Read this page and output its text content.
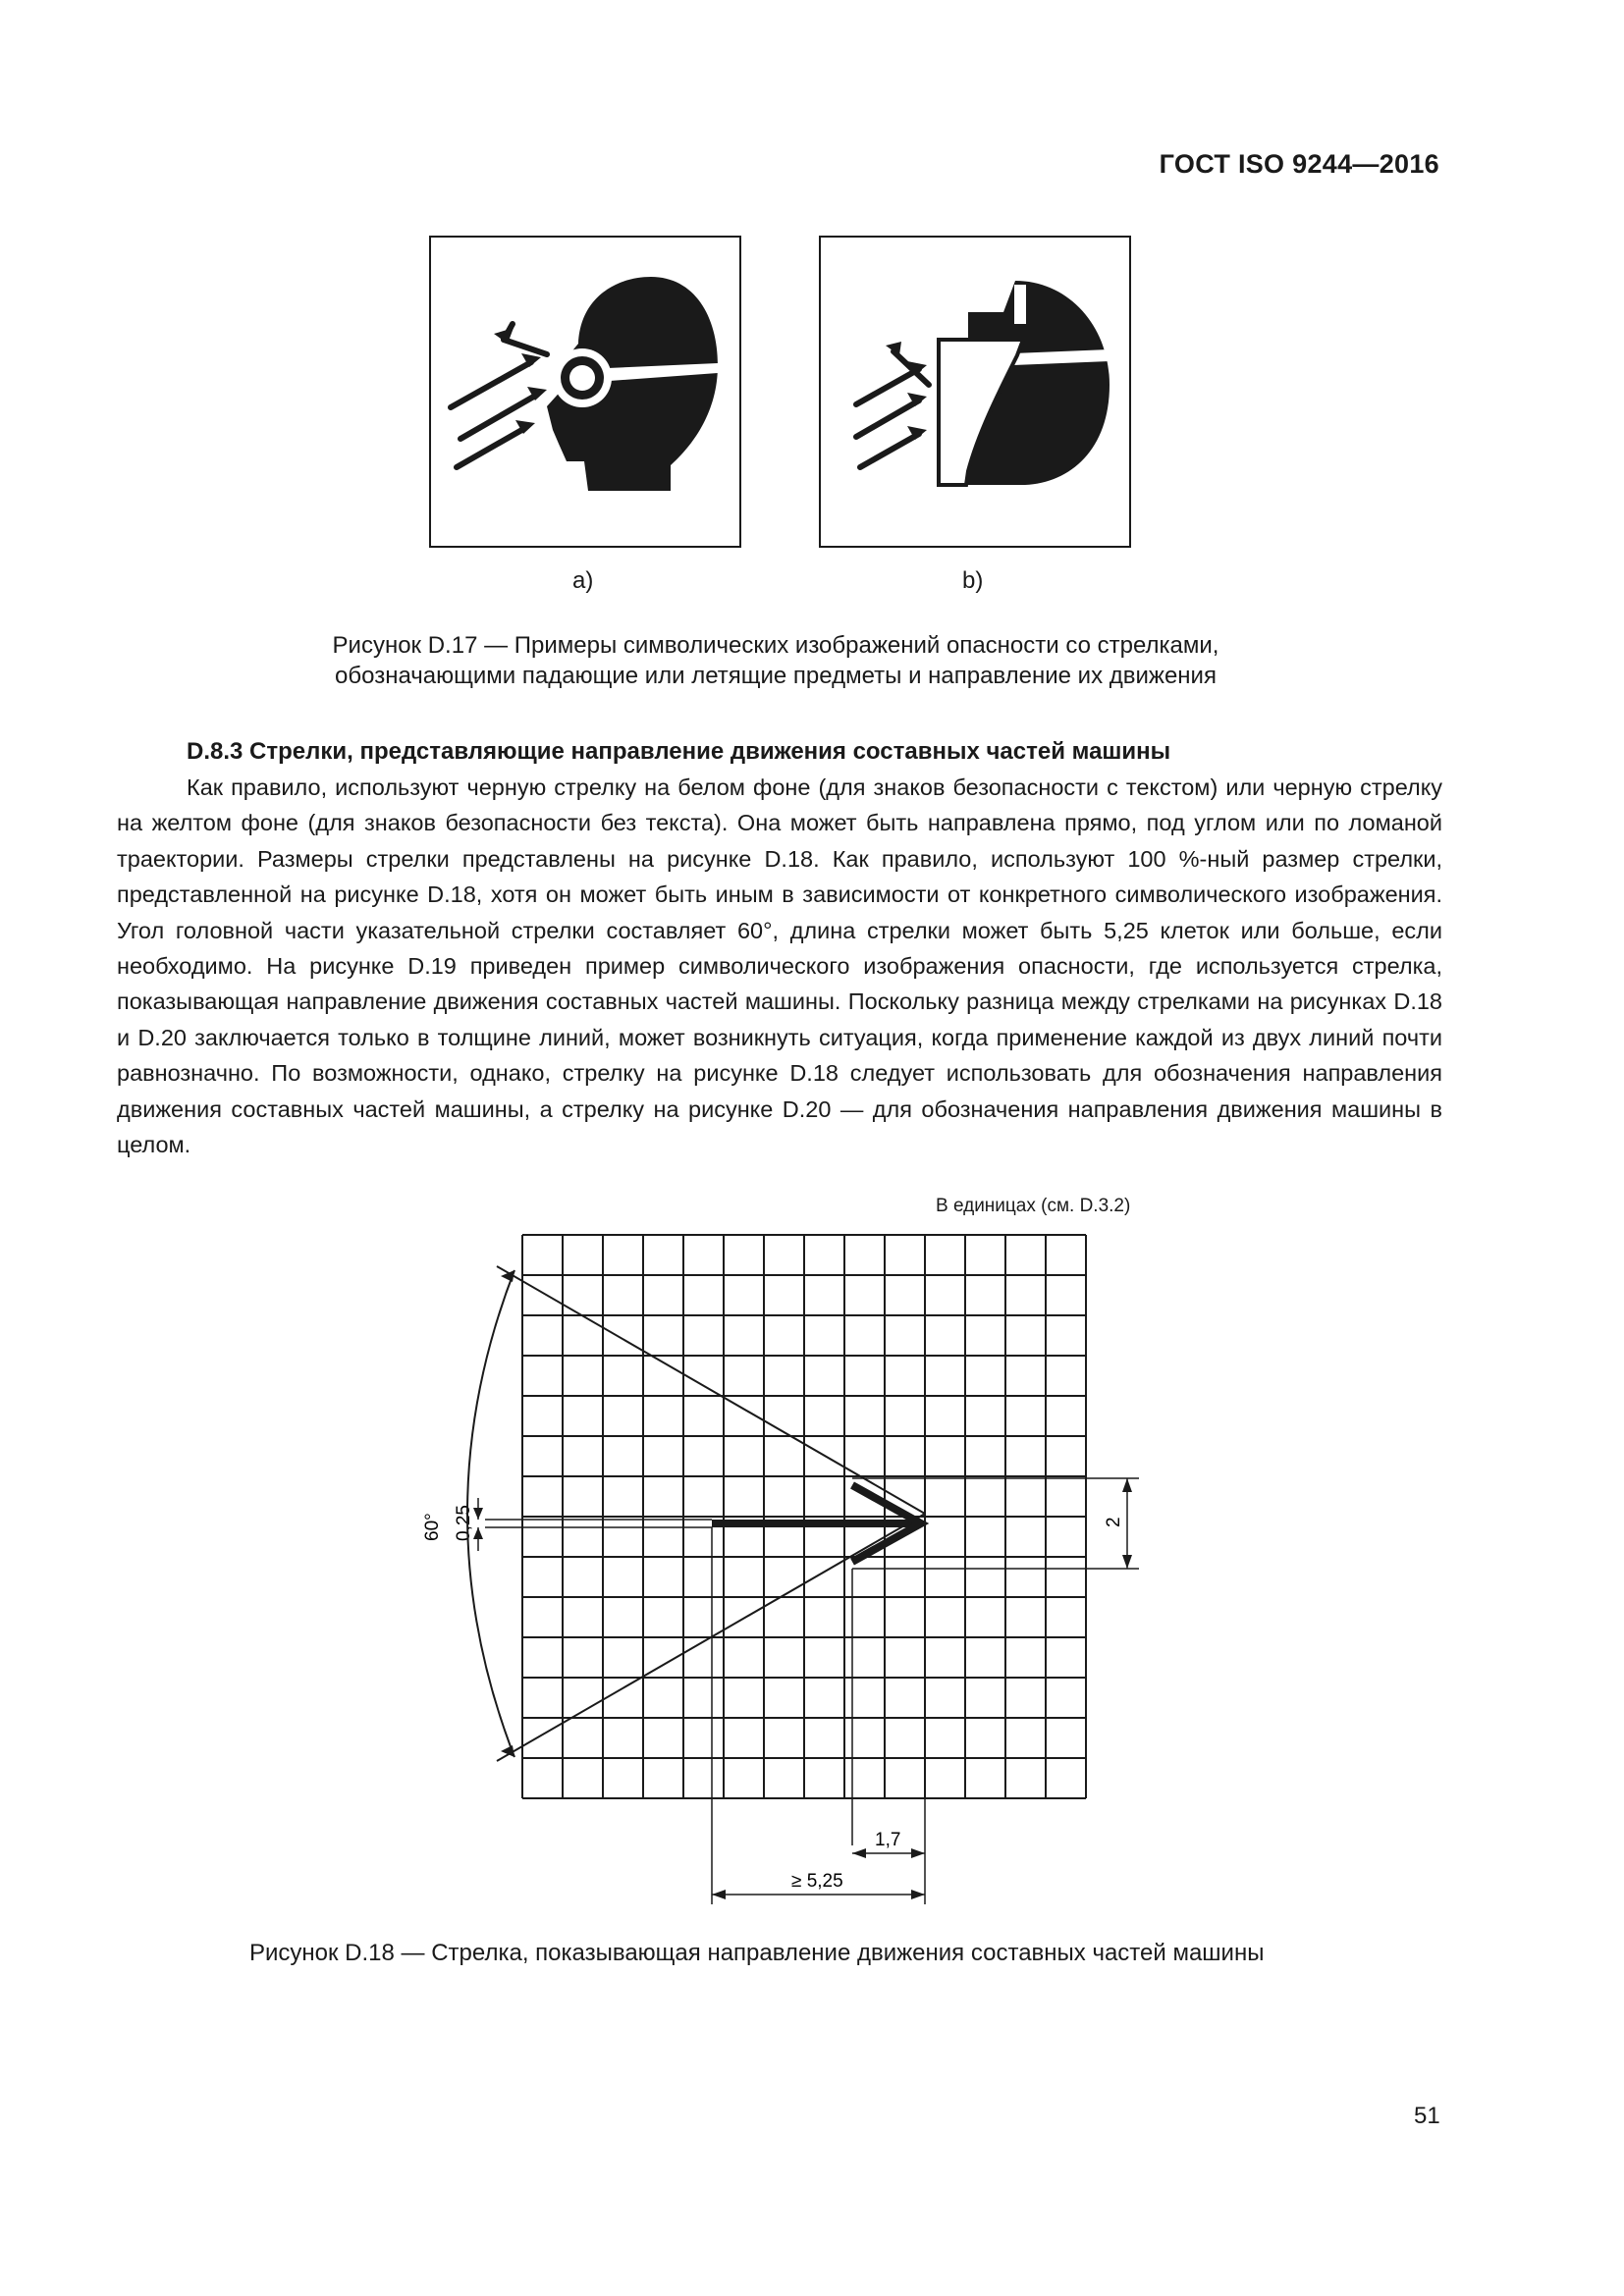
ГОСТ ISO 9244—2016
a)	b)
Рисунок D.17 — Примеры символических изображений опасности со стрелками,
обозначающими падающие или летящие предметы и направление их движения
D.8.3 Стрелки, представляющие направление движения составных частей машины
Как правило, используют черную стрелку на белом фоне (для знаков безопасности с текстом) или черную стрелку на желтом фоне (для знаков безопасности без текста). Она может быть направлена прямо, под углом или по ломаной траектории. Размеры стрелки представлены на рисунке D.18. Как правило, используют 100 %-ный размер стрелки, представленной на рисунке D.18, хотя он может быть иным в зависимости от конкретного символического изображения. Угол головной части указательной стрелки составляет 60°, длина стрелки может быть 5,25 клеток или больше, если необходимо. На рисунке D.19 приведен пример символического изображения опасности, где используется стрелка, показывающая направление движения составных частей машины. Поскольку разница между стрелками на рисунках D.18 и D.20 заключается только в толщине линий, может возникнуть ситуация, когда применение каждой из двух линий почти равнозначно. По возможности, однако, стрелку на рисунке D.18 следует использовать для обозначения направления движения составных частей машины, а стрелку на рисунке D.20 — для обозначения направления движения машины в целом.
В единицах (см. D.3.2)
0,25
60°	2
1,7
≥ 5,25
Рисунок D.18 — Стрелка, показывающая направление движения составных частей машины
51
